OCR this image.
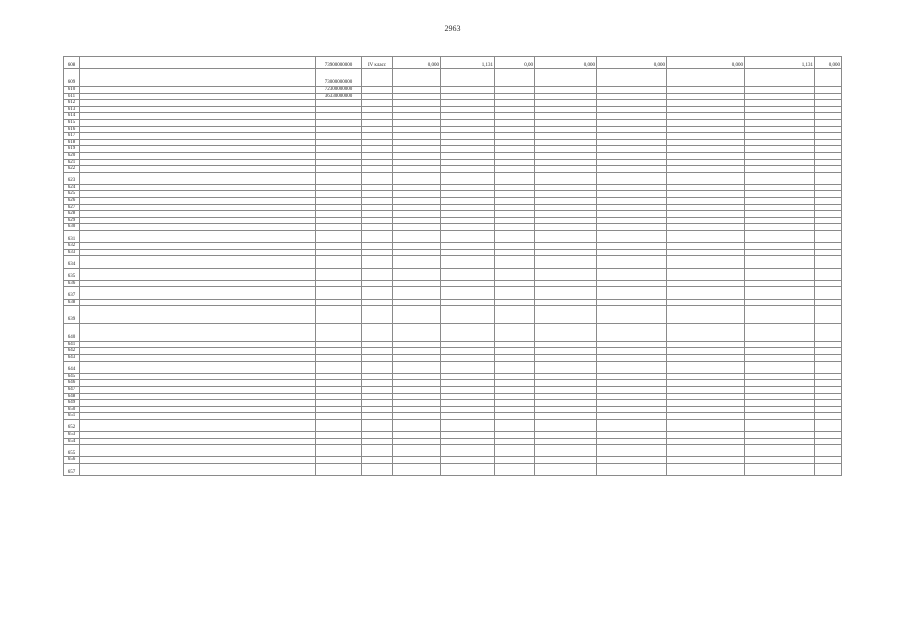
2963
608		73900000000	IV класс	0,000	1,131	0,00	0,000	0,000	0,000	1,131	0,000
609		73000000000									
610		72300000000									
611		36330000000									
612											
613											
614											
615											
616											
617											
618											
619											
620											
621											
622											
623											
624											
625											
626											
627											
628											
629											
630											
631											
632											
633											
634											
635											
636											
637											
638											
639											
640											
641											
642											
643											
644											
645											
646											
647											
648											
649											
650											
651											
652											
653											
654											
655											
656											
657											
